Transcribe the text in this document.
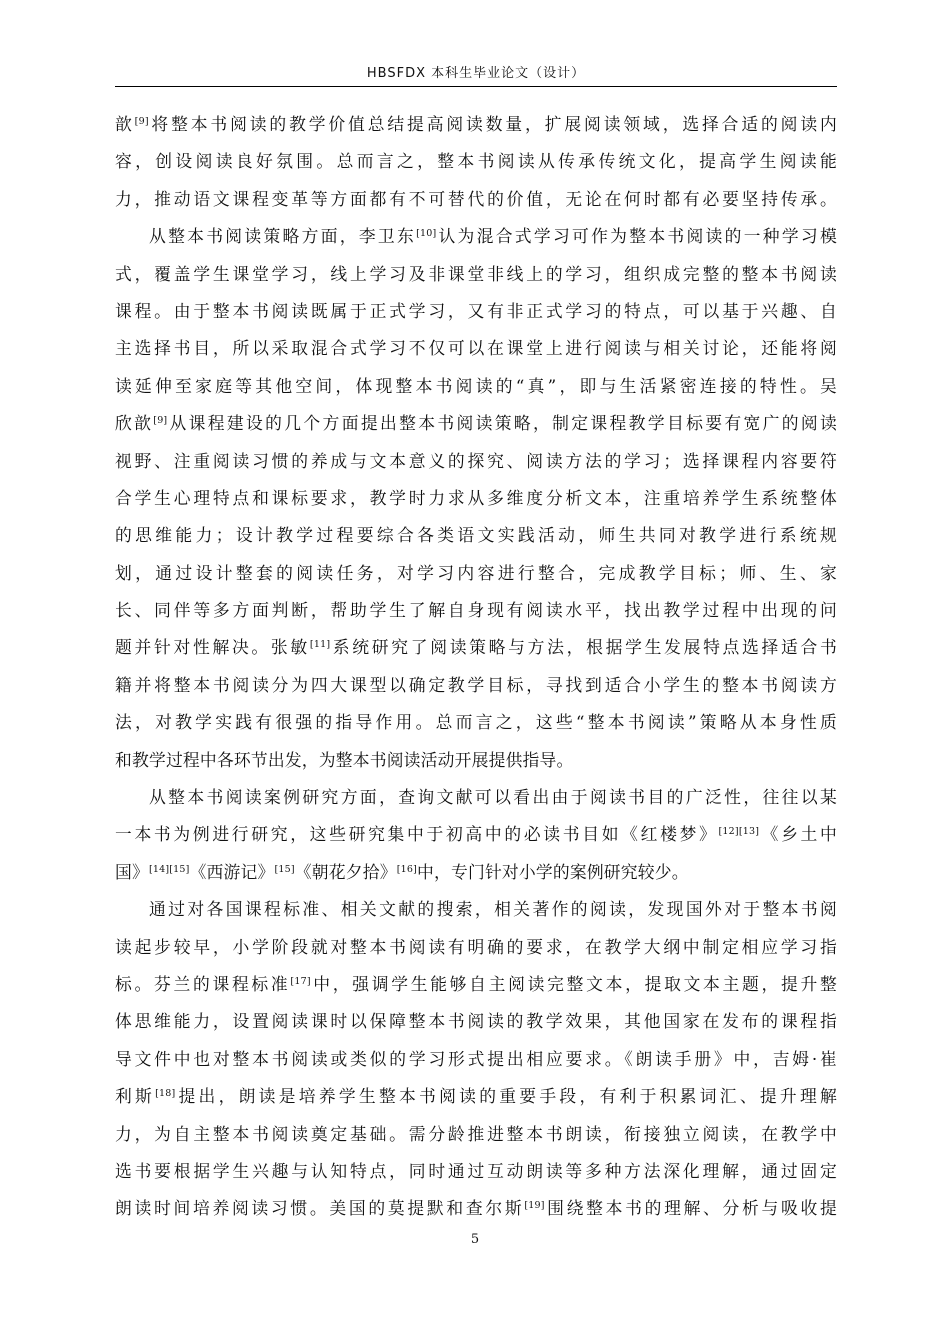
HBSFDX 本科生毕业论文（设计）
歆[9]将整本书阅读的教学价值总结提高阅读数量，扩展阅读领域，选择合适的阅读内
容，创设阅读良好氛围。总而言之，整本书阅读从传承传统文化，提高学生阅读能
力，推动语文课程变革等方面都有不可替代的价值，无论在何时都有必要坚持传承。
从整本书阅读策略方面，李卫东[10]认为混合式学习可作为整本书阅读的一种学习模
式，覆盖学生课堂学习，线上学习及非课堂非线上的学习，组织成完整的整本书阅读
课程。由于整本书阅读既属于正式学习，又有非正式学习的特点，可以基于兴趣、自
主选择书目，所以采取混合式学习不仅可以在课堂上进行阅读与相关讨论，还能将阅
读延伸至家庭等其他空间，体现整本书阅读的“真”，即与生活紧密连接的特性。吴
欣歆[9]从课程建设的几个方面提出整本书阅读策略，制定课程教学目标要有宽广的阅读
视野、注重阅读习惯的养成与文本意义的探究、阅读方法的学习；选择课程内容要符
合学生心理特点和课标要求，教学时力求从多维度分析文本，注重培养学生系统整体
的思维能力；设计教学过程要综合各类语文实践活动，师生共同对教学进行系统规
划，通过设计整套的阅读任务，对学习内容进行整合，完成教学目标；师、生、家
长、同伴等多方面判断，帮助学生了解自身现有阅读水平，找出教学过程中出现的问
题并针对性解决。张敏[11]系统研究了阅读策略与方法，根据学生发展特点选择适合书
籍并将整本书阅读分为四大课型以确定教学目标，寻找到适合小学生的整本书阅读方
法，对教学实践有很强的指导作用。总而言之，这些“整本书阅读”策略从本身性质
和教学过程中各环节出发，为整本书阅读活动开展提供指导。
从整本书阅读案例研究方面，查询文献可以看出由于阅读书目的广泛性，往往以某
一本书为例进行研究，这些研究集中于初高中的必读书目如《红楼梦》[12][13]《乡土中
国》[14][15]《西游记》[15]《朝花夕拾》[16]中，专门针对小学的案例研究较少。
通过对各国课程标准、相关文献的搜索，相关著作的阅读，发现国外对于整本书阅
读起步较早，小学阶段就对整本书阅读有明确的要求，在教学大纲中制定相应学习指
标。芬兰的课程标准[17]中，强调学生能够自主阅读完整文本，提取文本主题，提升整
体思维能力，设置阅读课时以保障整本书阅读的教学效果，其他国家在发布的课程指
导文件中也对整本书阅读或类似的学习形式提出相应要求。《朗读手册》中，吉姆·崔
利斯[18]提出，朗读是培养学生整本书阅读的重要手段，有利于积累词汇、提升理解
力，为自主整本书阅读奠定基础。需分龄推进整本书朗读，衔接独立阅读，在教学中
选书要根据学生兴趣与认知特点，同时通过互动朗读等多种方法深化理解，通过固定
朗读时间培养阅读习惯。美国的莫提默和查尔斯[19]围绕整本书的理解、分析与吸收提
5
